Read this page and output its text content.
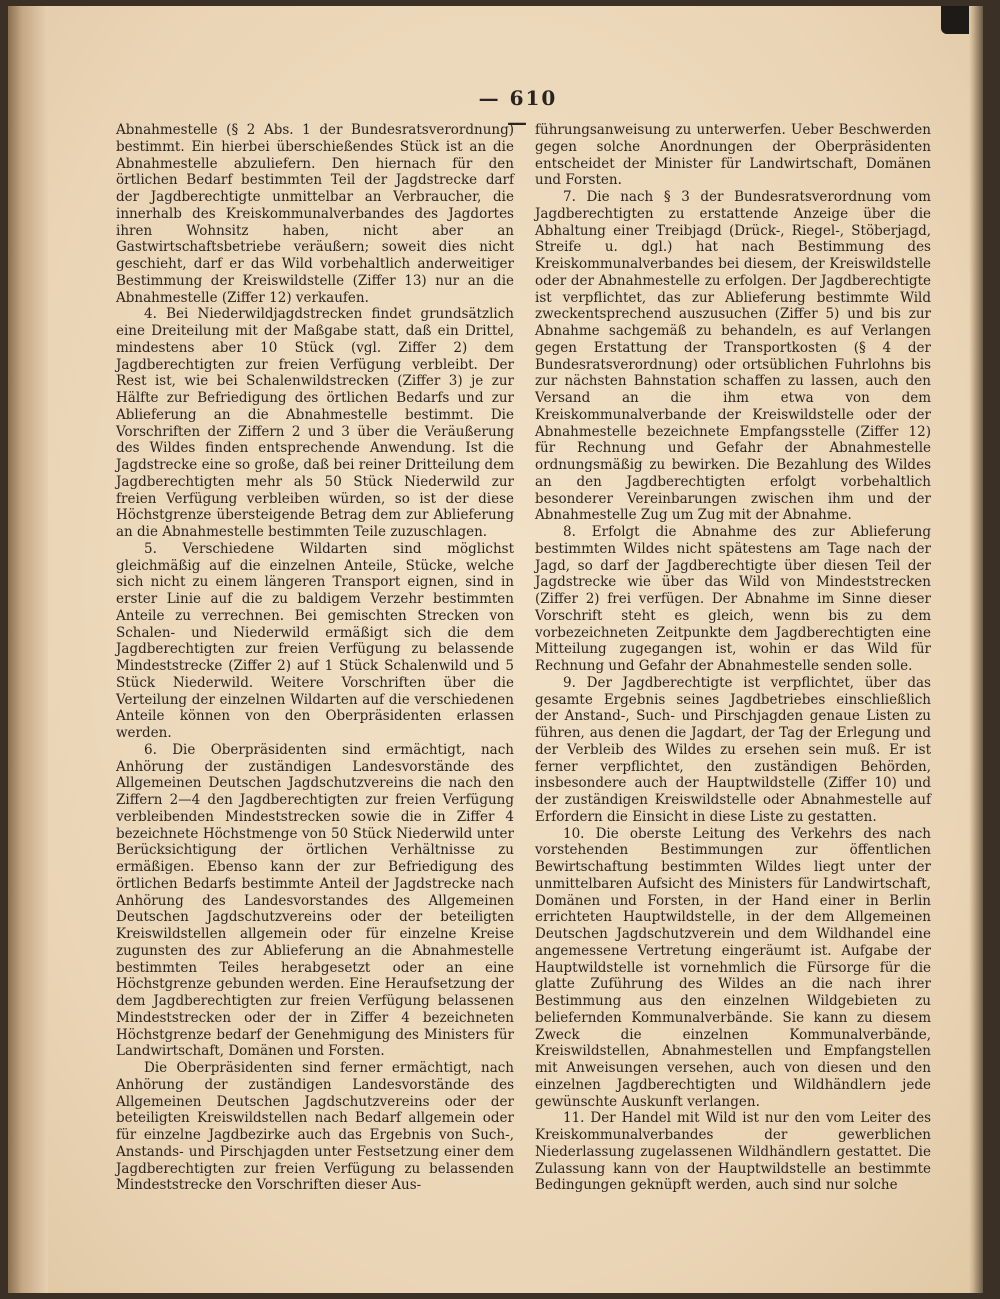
— 610 —

Abnahmestelle (§ 2 Abs. 1 der Bundesratsverordnung) bestimmt. Ein hierbei überschießendes Stück ist an die Abnahmestelle abzuliefern. Den hiernach für den örtlichen Bedarf bestimmten Teil der Jagdstrecke darf der Jagdberechtigte unmittelbar an Verbraucher, die innerhalb des Kreiskommunalverbandes des Jagdortes ihren Wohnsitz haben, nicht aber an Gastwirtschaftsbetriebe veräußern; soweit dies nicht geschieht, darf er das Wild vorbehaltlich anderweitiger Bestimmung der Kreiswildstelle (Ziffer 13) nur an die Abnahmestelle (Ziffer 12) verkaufen.

4. Bei Niederwildjagdstrecken findet grundsätzlich eine Dreiteilung mit der Maßgabe statt, daß ein Drittel, mindestens aber 10 Stück (vgl. Ziffer 2) dem Jagdberechtigten zur freien Verfügung verbleibt. Der Rest ist, wie bei Schalenwildstrecken (Ziffer 3) je zur Hälfte zur Befriedigung des örtlichen Bedarfs und zur Ablieferung an die Abnahmestelle bestimmt. Die Vorschriften der Ziffern 2 und 3 über die Veräußerung des Wildes finden entsprechende Anwendung. Ist die Jagdstrecke eine so große, daß bei reiner Dritteilung dem Jagdberechtigten mehr als 50 Stück Niederwild zur freien Verfügung verbleiben würden, so ist der diese Höchstgrenze übersteigende Betrag dem zur Ablieferung an die Abnahmestelle bestimmten Teile zuzuschlagen.

5. Verschiedene Wildarten sind möglichst gleichmäßig auf die einzelnen Anteile, Stücke, welche sich nicht zu einem längeren Transport eignen, sind in erster Linie auf die zu baldigem Verzehr bestimmten Anteile zu verrechnen. Bei gemischten Strecken von Schalen- und Niederwild ermäßigt sich die dem Jagdberechtigten zur freien Verfügung zu belassende Mindeststrecke (Ziffer 2) auf 1 Stück Schalenwild und 5 Stück Niederwild. Weitere Vorschriften über die Verteilung der einzelnen Wildarten auf die verschiedenen Anteile können von den Oberpräsidenten erlassen werden.

6. Die Oberpräsidenten sind ermächtigt, nach Anhörung der zuständigen Landesvorstände des Allgemeinen Deutschen Jagdschutzvereins die nach den Ziffern 2—4 den Jagdberechtigten zur freien Verfügung verbleibenden Mindeststrecken sowie die in Ziffer 4 bezeichnete Höchstmenge von 50 Stück Niederwild unter Berücksichtigung der örtlichen Verhältnisse zu ermäßigen. Ebenso kann der zur Befriedigung des örtlichen Bedarfs bestimmte Anteil der Jagdstrecke nach Anhörung des Landesvorstandes des Allgemeinen Deutschen Jagdschutzvereins oder der beteiligten Kreiswildstellen allgemein oder für einzelne Kreise zugunsten des zur Ablieferung an die Abnahmestelle bestimmten Teiles herabgesetzt oder an eine Höchstgrenze gebunden werden. Eine Heraufsetzung der dem Jagdberechtigten zur freien Verfügung belassenen Mindeststrecken oder der in Ziffer 4 bezeichneten Höchstgrenze bedarf der Genehmigung des Ministers für Landwirtschaft, Domänen und Forsten.

Die Oberpräsidenten sind ferner ermächtigt, nach Anhörung der zuständigen Landesvorstände des Allgemeinen Deutschen Jagdschutzvereins oder der beteiligten Kreiswildstellen nach Bedarf allgemein oder für einzelne Jagdbezirke auch das Ergebnis von Such-, Anstands- und Pirschjagden unter Festsetzung einer dem Jagdberechtigten zur freien Verfügung zu belassenden Mindeststrecke den Vorschriften dieser Aus-

führungsanweisung zu unterwerfen. Ueber Beschwerden gegen solche Anordnungen der Oberpräsidenten entscheidet der Minister für Landwirtschaft, Domänen und Forsten.

7. Die nach § 3 der Bundesratsverordnung vom Jagdberechtigten zu erstattende Anzeige über die Abhaltung einer Treibjagd (Drück-, Riegel-, Stöberjagd, Streife u. dgl.) hat nach Bestimmung des Kreiskommunalverbandes bei diesem, der Kreiswildstelle oder der Abnahmestelle zu erfolgen. Der Jagdberechtigte ist verpflichtet, das zur Ablieferung bestimmte Wild zweckentsprechend auszusuchen (Ziffer 5) und bis zur Abnahme sachgemäß zu behandeln, es auf Verlangen gegen Erstattung der Transportkosten (§ 4 der Bundesratsverordnung) oder ortsüblichen Fuhrlohns bis zur nächsten Bahnstation schaffen zu lassen, auch den Versand an die ihm etwa von dem Kreiskommunalverbande der Kreiswildstelle oder der Abnahmestelle bezeichnete Empfangsstelle (Ziffer 12) für Rechnung und Gefahr der Abnahmestelle ordnungsmäßig zu bewirken. Die Bezahlung des Wildes an den Jagdberechtigten erfolgt vorbehaltlich besonderer Vereinbarungen zwischen ihm und der Abnahmestelle Zug um Zug mit der Abnahme.

8. Erfolgt die Abnahme des zur Ablieferung bestimmten Wildes nicht spätestens am Tage nach der Jagd, so darf der Jagdberechtigte über diesen Teil der Jagdstrecke wie über das Wild von Mindeststrecken (Ziffer 2) frei verfügen. Der Abnahme im Sinne dieser Vorschrift steht es gleich, wenn bis zu dem vorbezeichneten Zeitpunkte dem Jagdberechtigten eine Mitteilung zugegangen ist, wohin er das Wild für Rechnung und Gefahr der Abnahmestelle senden solle.

9. Der Jagdberechtigte ist verpflichtet, über das gesamte Ergebnis seines Jagdbetriebes einschließlich der Anstand-, Such- und Pirschjagden genaue Listen zu führen, aus denen die Jagdart, der Tag der Erlegung und der Verbleib des Wildes zu ersehen sein muß. Er ist ferner verpflichtet, den zuständigen Behörden, insbesondere auch der Hauptwildstelle (Ziffer 10) und der zuständigen Kreiswildstelle oder Abnahmestelle auf Erfordern die Einsicht in diese Liste zu gestatten.

10. Die oberste Leitung des Verkehrs des nach vorstehenden Bestimmungen zur öffentlichen Bewirtschaftung bestimmten Wildes liegt unter der unmittelbaren Aufsicht des Ministers für Landwirtschaft, Domänen und Forsten, in der Hand einer in Berlin errichteten Hauptwildstelle, in der dem Allgemeinen Deutschen Jagdschutzverein und dem Wildhandel eine angemessene Vertretung eingeräumt ist. Aufgabe der Hauptwildstelle ist vornehmlich die Fürsorge für die glatte Zuführung des Wildes an die nach ihrer Bestimmung aus den einzelnen Wildgebieten zu beliefernden Kommunalverbände. Sie kann zu diesem Zweck die einzelnen Kommunalverbände, Kreiswildstellen, Abnahmestellen und Empfangstellen mit Anweisungen versehen, auch von diesen und den einzelnen Jagdberechtigten und Wildhändlern jede gewünschte Auskunft verlangen.

11. Der Handel mit Wild ist nur den vom Leiter des Kreiskommunalverbandes der gewerblichen Niederlassung zugelassenen Wildhändlern gestattet. Die Zulassung kann von der Hauptwildstelle an bestimmte Bedingungen geknüpft werden, auch sind nur solche
